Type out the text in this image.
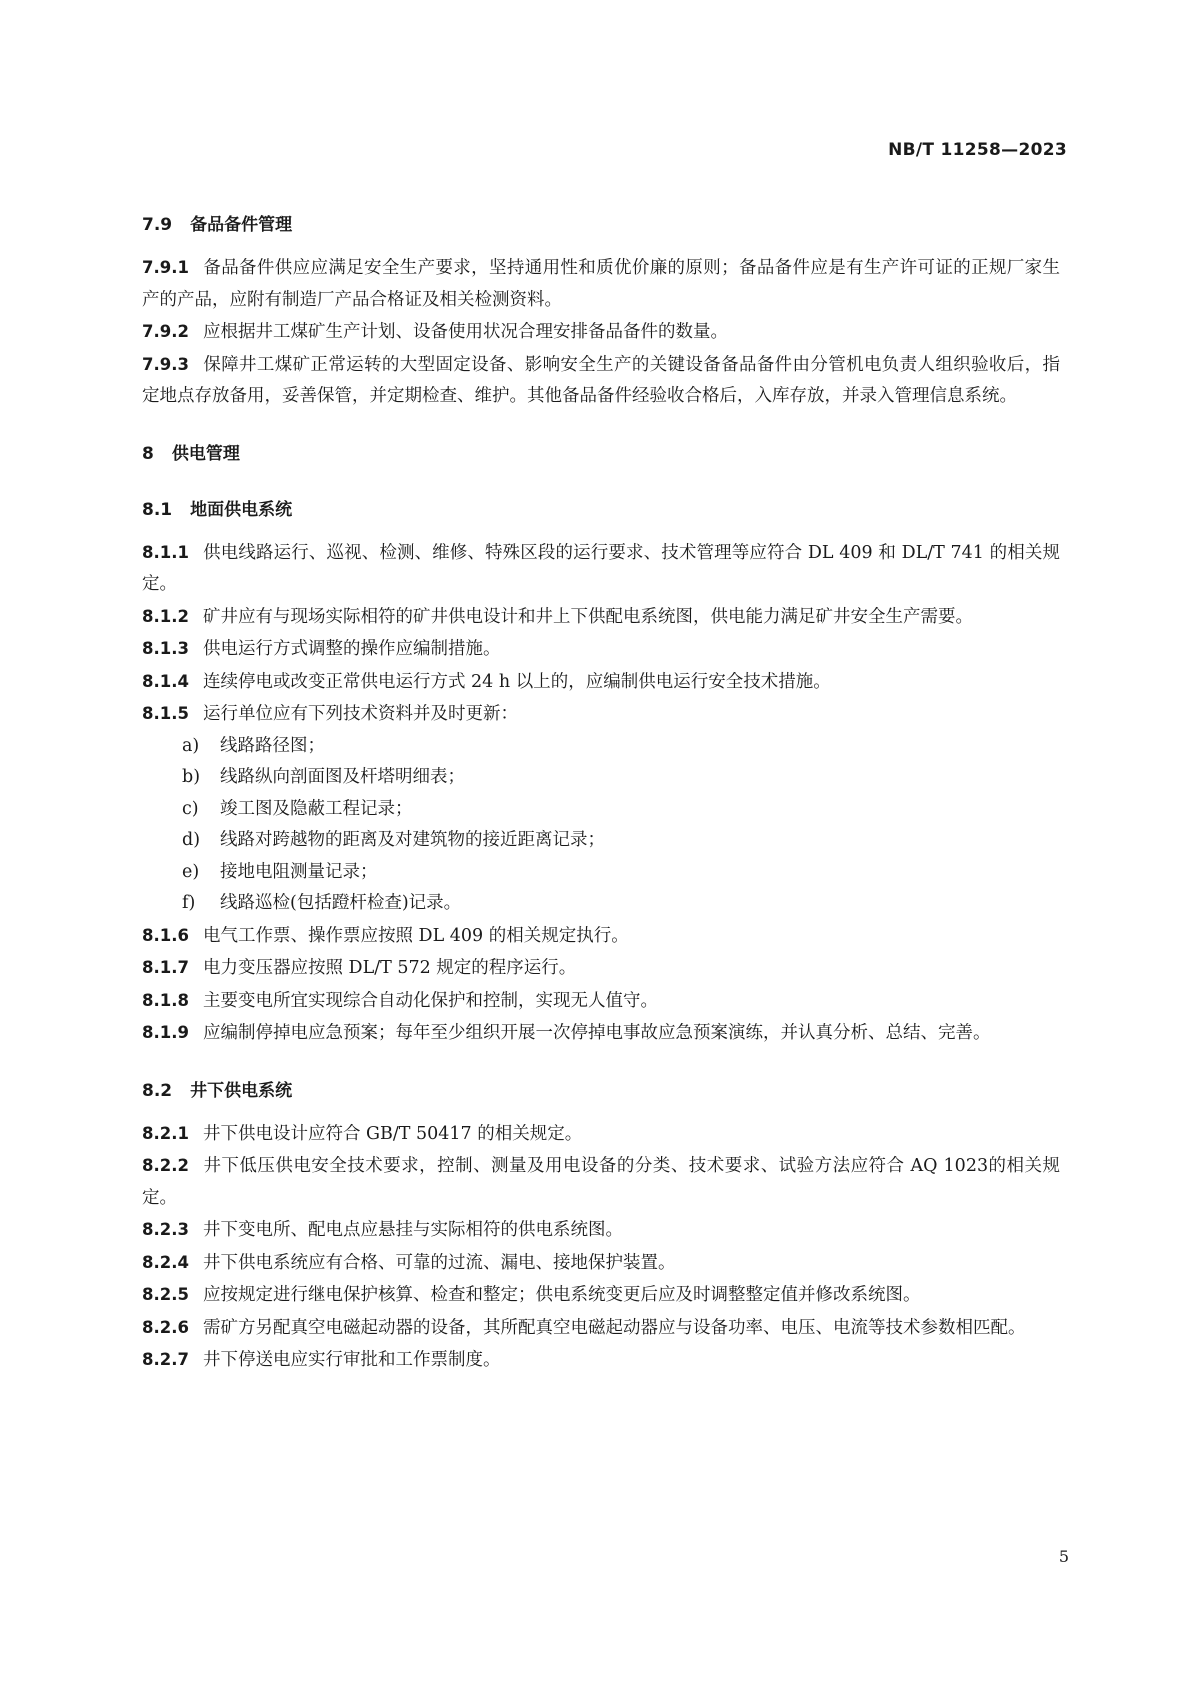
NB/T 11258—2023
7.9 备品备件管理
7.9.1 备品备件供应应满足安全生产要求，坚持通用性和质优价廉的原则；备品备件应是有生产许可证的正规厂家生产的产品，应附有制造厂产品合格证及相关检测资料。
7.9.2 应根据井工煤矿生产计划、设备使用状况合理安排备品备件的数量。
7.9.3 保障井工煤矿正常运转的大型固定设备、影响安全生产的关键设备备品备件由分管机电负责人组织验收后，指定地点存放备用，妥善保管，并定期检查、维护。其他备品备件经验收合格后，入库存放，并录入管理信息系统。
8 供电管理
8.1 地面供电系统
8.1.1 供电线路运行、巡视、检测、维修、特殊区段的运行要求、技术管理等应符合 DL 409 和 DL/T 741 的相关规定。
8.1.2 矿井应有与现场实际相符的矿井供电设计和井上下供配电系统图，供电能力满足矿井安全生产需要。
8.1.3 供电运行方式调整的操作应编制措施。
8.1.4 连续停电或改变正常供电运行方式 24 h 以上的，应编制供电运行安全技术措施。
8.1.5 运行单位应有下列技术资料并及时更新：
a) 线路路径图；
b) 线路纵向剖面图及杆塔明细表；
c) 竣工图及隐蔽工程记录；
d) 线路对跨越物的距离及对建筑物的接近距离记录；
e) 接地电阻测量记录；
f) 线路巡检(包括蹬杆检查)记录。
8.1.6 电气工作票、操作票应按照 DL 409 的相关规定执行。
8.1.7 电力变压器应按照 DL/T 572 规定的程序运行。
8.1.8 主要变电所宜实现综合自动化保护和控制，实现无人值守。
8.1.9 应编制停掉电应急预案；每年至少组织开展一次停掉电事故应急预案演练，并认真分析、总结、完善。
8.2 井下供电系统
8.2.1 井下供电设计应符合 GB/T 50417 的相关规定。
8.2.2 井下低压供电安全技术要求，控制、测量及用电设备的分类、技术要求、试验方法应符合 AQ 1023的相关规定。
8.2.3 井下变电所、配电点应悬挂与实际相符的供电系统图。
8.2.4 井下供电系统应有合格、可靠的过流、漏电、接地保护装置。
8.2.5 应按规定进行继电保护核算、检查和整定；供电系统变更后应及时调整整定值并修改系统图。
8.2.6 需矿方另配真空电磁起动器的设备，其所配真空电磁起动器应与设备功率、电压、电流等技术参数相匹配。
8.2.7 井下停送电应实行审批和工作票制度。
5
